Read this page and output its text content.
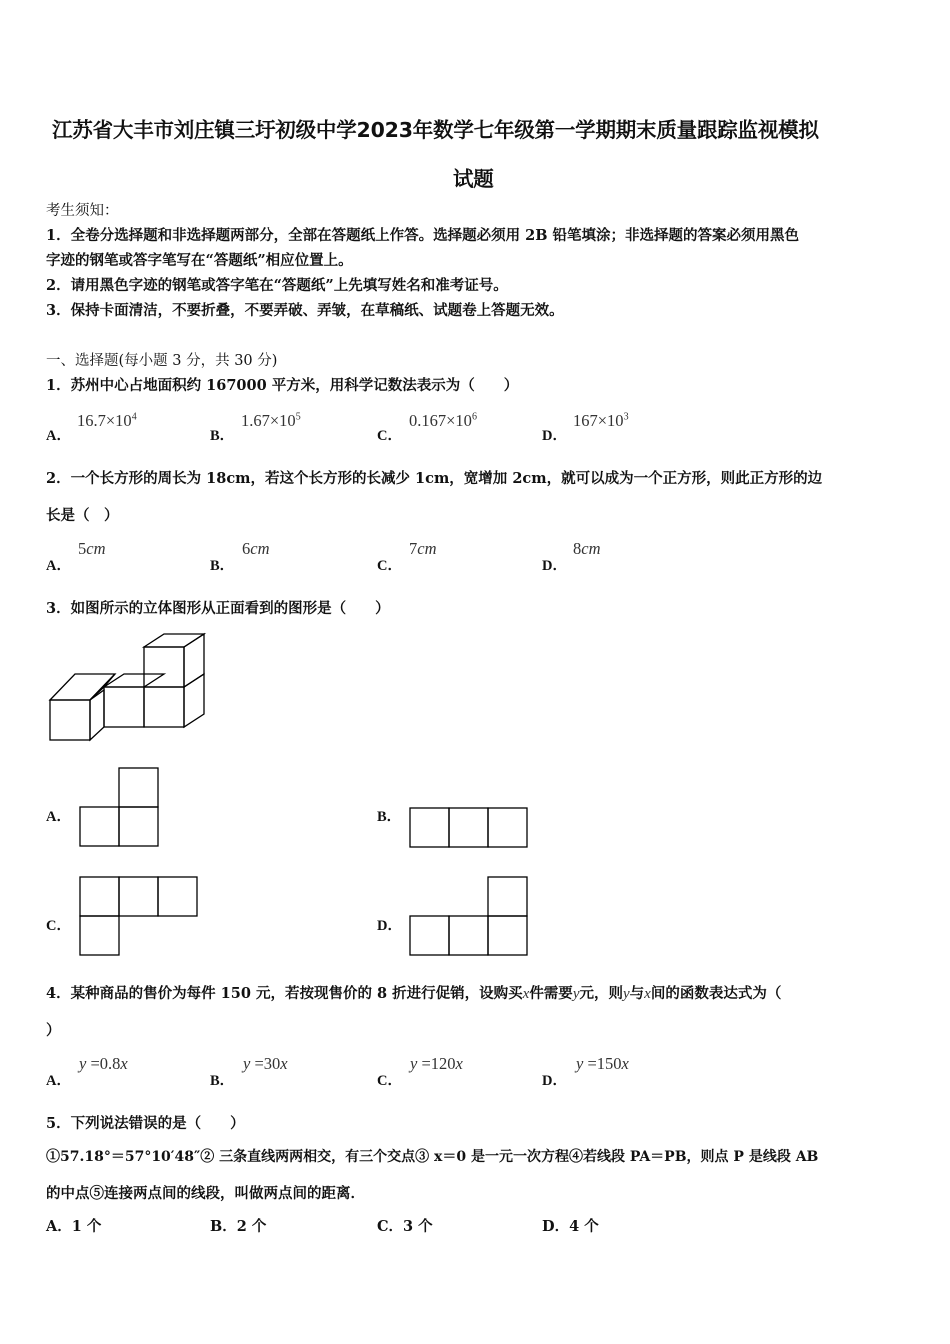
江苏省大丰市刘庄镇三圩初级中学2023年数学七年级第一学期期末质量跟踪监视模拟
试题
考生须知：
1．全卷分选择题和非选择题两部分，全部在答题纸上作答。选择题必须用 2B 铅笔填涂；非选择题的答案必须用黑色
字迹的钢笔或答字笔写在“答题纸”相应位置上。
2．请用黑色字迹的钢笔或答字笔在“答题纸”上先填写姓名和准考证号。
3．保持卡面清洁，不要折叠，不要弄破、弄皱，在草稿纸、试题卷上答题无效。
一、选择题(每小题 3 分，共 30 分)
1．苏州中心占地面积约 167000 平方米，用科学记数法表示为（　　）
A．
$16.7\times 10^4$
B．
$1.67\times 10^5$
C．
$0.167\times 10^6$
D．
$167\times 10^3$
2．一个长方形的周长为 18cm，若这个长方形的长减少 1cm，宽增加 2cm，就可以成为一个正方形，则此正方形的边
长是（　）
A．
5cm
B．
6cm
C．
7cm
D．
8cm
3．如图所示的立体图形从正面看到的图形是（　　）
A．	B．
C．	D．
4．某种商品的售价为每件 150 元，若按现售价的 8 折进行促销，设购买x件需要y元，则y与x间的函数表达式为（
）
A．
y =0.8x
B．
y =30x
C．
y =120x
D．
y =150x
5．下列说法错误的是（　　）
①57.18°＝57°10′48″② 三条直线两两相交，有三个交点③ x＝0 是一元一次方程④若线段 PA＝PB，则点 P 是线段 AB
的中点⑤连接两点间的线段，叫做两点间的距离．
A．1 个	B．2 个	C．3 个	D．4 个
